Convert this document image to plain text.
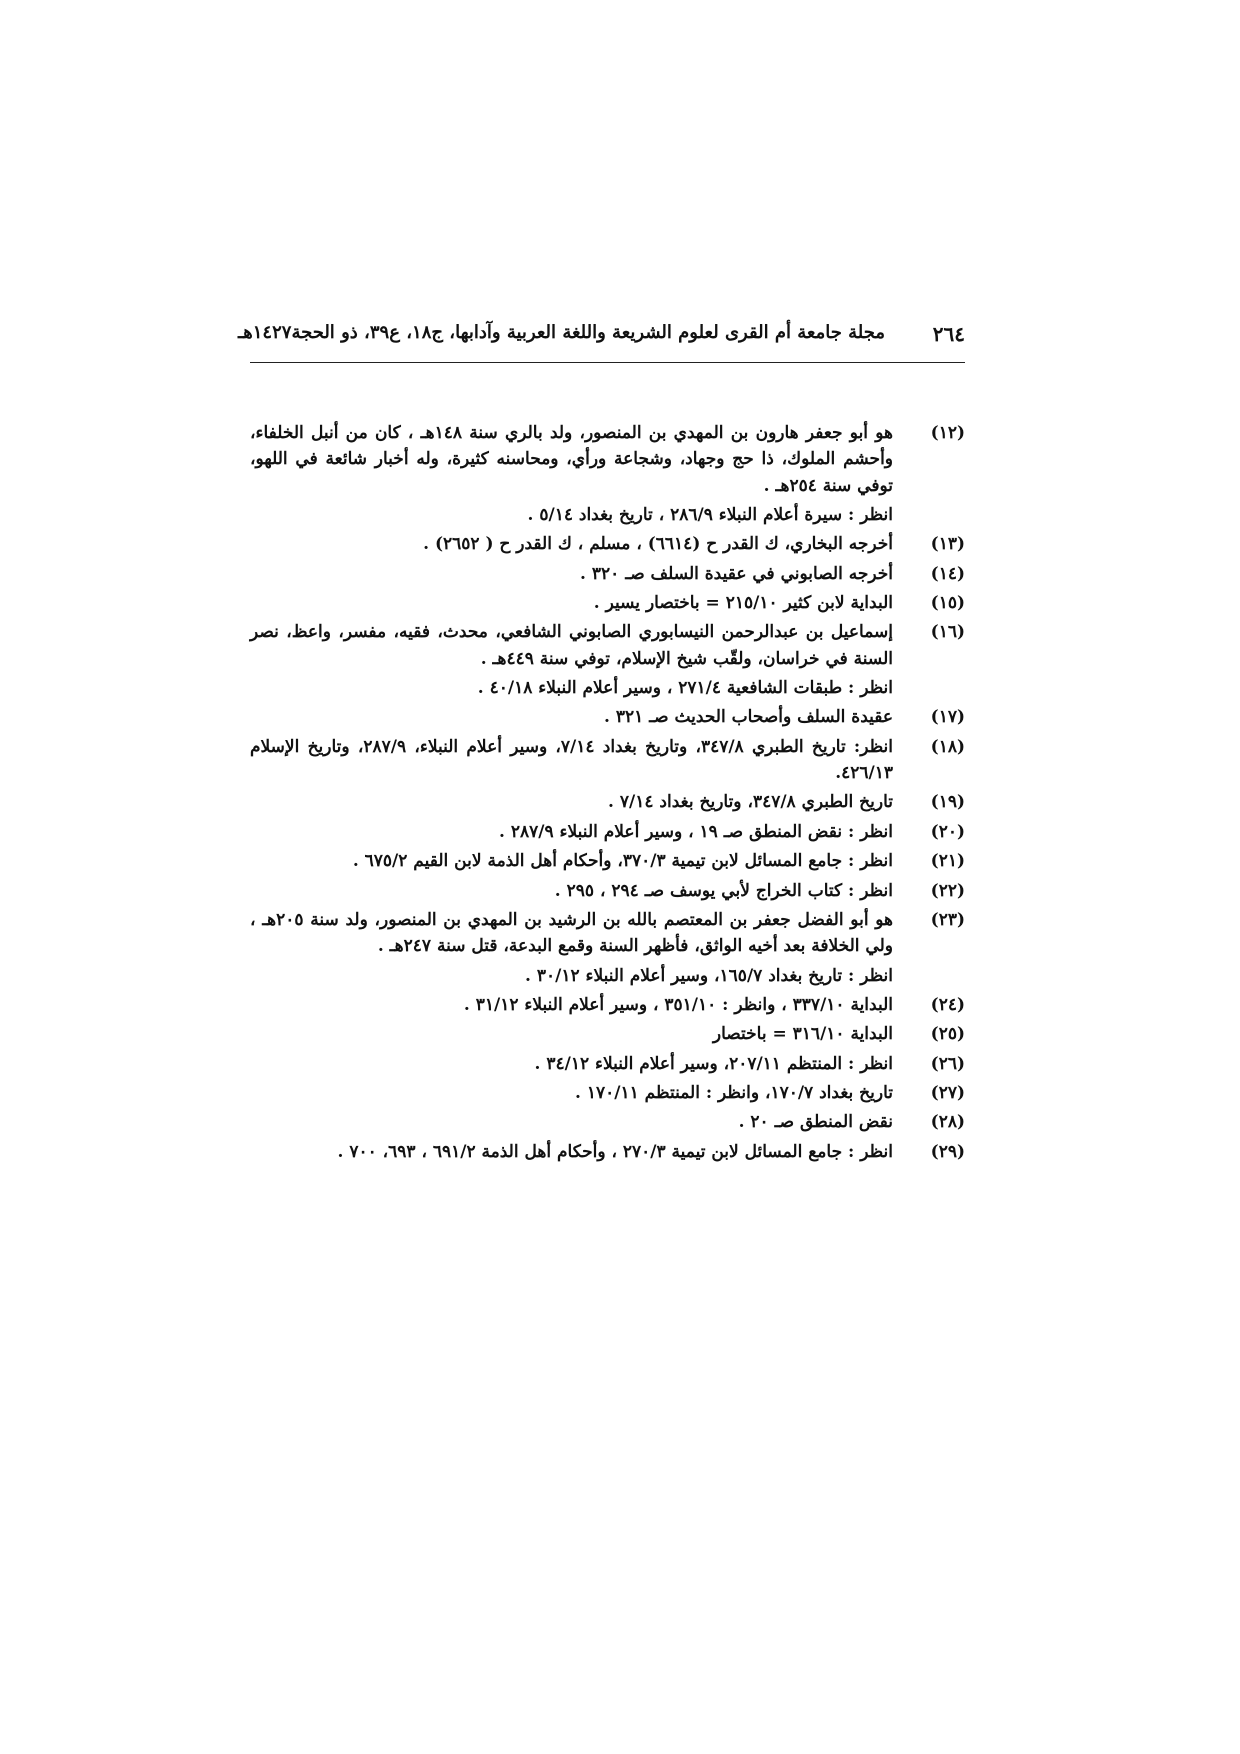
٢٦٤
مجلة جامعة أم القرى لعلوم الشريعة واللغة العربية وآدابها، ج١٨، ع٣٩، ذو الحجة١٤٢٧هـ
(١٢)
هو أبو جعفر هارون بن المهدي بن المنصور، ولد بالري سنة ١٤٨هـ ، كان من أنبل الخلفاء، وأحشم الملوك، ذا حج وجهاد، وشجاعة ورأي، ومحاسنه كثيرة، وله أخبار شائعة في اللهو، توفي سنة ٢٥٤هـ .
انظر : سيرة أعلام النبلاء ٢٨٦/٩ ، تاريخ بغداد ٥/١٤ .
(١٣)
أخرجه البخاري، ك القدر ح (٦٦١٤) ، مسلم ، ك القدر ح ( ٢٦٥٢) .
(١٤)
أخرجه الصابوني في عقيدة السلف صـ ٣٢٠ .
(١٥)
البداية لابن كثير ٢١٥/١٠ = باختصار يسير .
(١٦)
إسماعيل بن عبدالرحمن النيسابوري الصابوني الشافعي، محدث، فقيه، مفسر، واعظ، نصر السنة في خراسان، ولقّب شيخ الإسلام، توفي سنة ٤٤٩هـ .
انظر : طبقات الشافعية ٢٧١/٤ ، وسير أعلام النبلاء ٤٠/١٨ .
(١٧)
عقيدة السلف وأصحاب الحديث صـ ٣٢١ .
(١٨)
انظر: تاريخ الطبري ٣٤٧/٨، وتاريخ بغداد ٧/١٤، وسير أعلام النبلاء، ٢٨٧/٩، وتاريخ الإسلام ٤٢٦/١٣.
(١٩)
تاريخ الطبري ٣٤٧/٨، وتاريخ بغداد ٧/١٤ .
(٢٠)
انظر : نقض المنطق صـ ١٩ ، وسير أعلام النبلاء ٢٨٧/٩ .
(٢١)
انظر : جامع المسائل لابن تيمية ٣٧٠/٣، وأحكام أهل الذمة لابن القيم ٦٧٥/٢ .
(٢٢)
انظر : كتاب الخراج لأبي يوسف صـ ٢٩٤ ، ٢٩٥ .
(٢٣)
هو أبو الفضل جعفر بن المعتصم بالله بن الرشيد بن المهدي بن المنصور، ولد سنة ٢٠٥هـ ، ولي الخلافة بعد أخيه الواثق، فأظهر السنة وقمع البدعة، قتل سنة ٢٤٧هـ .
انظر : تاريخ بغداد ١٦٥/٧، وسير أعلام النبلاء ٣٠/١٢ .
(٢٤)
البداية ٣٣٧/١٠ ، وانظر : ٣٥١/١٠ ، وسير أعلام النبلاء ٣١/١٢ .
(٢٥)
البداية ٣١٦/١٠ = باختصار
(٢٦)
انظر : المنتظم ٢٠٧/١١، وسير أعلام النبلاء ٣٤/١٢ .
(٢٧)
تاريخ بغداد ١٧٠/٧، وانظر : المنتظم ١٧٠/١١ .
(٢٨)
نقض المنطق صـ ٢٠ .
(٢٩)
انظر : جامع المسائل لابن تيمية ٢٧٠/٣ ، وأحكام أهل الذمة ٦٩١/٢ ، ٦٩٣، ٧٠٠ .
